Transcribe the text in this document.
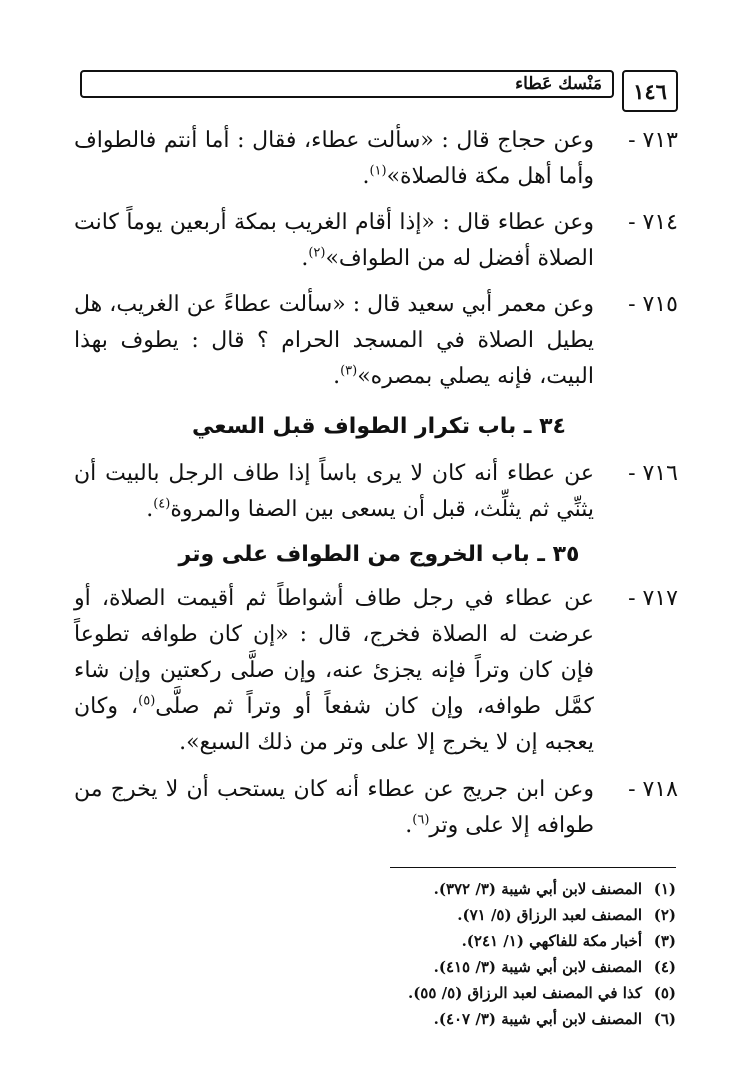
١٤٦
مَنْسك عَطاء
٧١٣ -
وعن حجاج قال : «سألت عطاء، فقال : أما أنتم فالطواف وأما أهل مكة فالصلاة»$^{(١)}$.
٧١٤ -
وعن عطاء قال : «إذا أقام الغريب بمكة أربعين يوماً كانت الصلاة أفضل له من الطواف»$^{(٢)}$.
٧١٥ -
وعن معمر أبي سعيد قال : «سألت عطاءً عن الغريب، هل يطيل الصلاة في المسجد الحرام ؟ قال : يطوف بهذا البيت، فإنه يصلي بمصره»$^{(٣)}$.
٣٤ ـ باب تكرار الطواف قبل السعي
٧١٦ -
عن عطاء أنه كان لا يرى باساً إذا طاف الرجل بالبيت أن يثنِّي ثم يثلِّث، قبل أن يسعى بين الصفا والمروة$^{(٤)}$.
٣٥ ـ باب الخروج من الطواف على وتر
٧١٧ -
عن عطاء في رجل طاف أشواطاً ثم أقيمت الصلاة، أو عرضت له الصلاة فخرج، قال : «إن كان طوافه تطوعاً فإن كان وتراً فإنه يجزئ عنه، وإن صلَّى ركعتين وإن شاء كمَّل طوافه، وإن كان شفعاً أو وتراً ثم صلَّى$^{(٥)}$، وكان يعجبه إن لا يخرج إلا على وتر من ذلك السبع».
٧١٨ -
وعن ابن جريج عن عطاء أنه كان يستحب أن لا يخرج من طوافه إلا على وتر$^{(٦)}$.
(١)المصنف لابن أبي شيبة (٣/ ٣٧٢).
(٢)المصنف لعبد الرزاق (٥/ ٧١).
(٣)أخبار مكة للفاكهي (١/ ٢٤١).
(٤)المصنف لابن أبي شيبة (٣/ ٤١٥).
(٥)كذا في المصنف لعبد الرزاق (٥/ ٥٥).
(٦)المصنف لابن أبي شيبة (٣/ ٤٠٧).
